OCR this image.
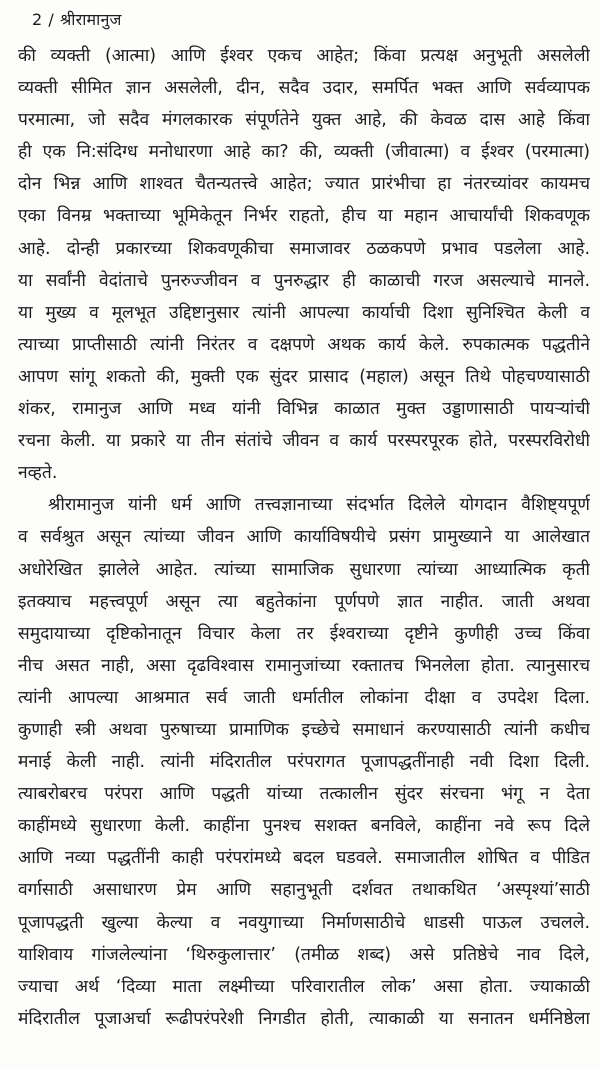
2 / श्रीरामानुज
की व्यक्ती (आत्मा) आणि ईश्वर एकच आहेत; किंवा प्रत्यक्ष अनुभूती असलेली
व्यक्ती सीमित ज्ञान असलेली, दीन, सदैव उदार, समर्पित भक्त आणि सर्वव्यापक
परमात्मा, जो सदैव मंगलकारक संपूर्णतेने युक्त आहे, की केवळ दास आहे किंवा
ही एक नि:संदिग्ध मनोधारणा आहे का? की, व्यक्ती (जीवात्मा) व ईश्वर (परमात्मा)
दोन भिन्न आणि शाश्वत चैतन्यतत्त्वे आहेत; ज्यात प्रारंभीचा हा नंतरच्यांवर कायमच
एका विनम्र भक्ताच्या भूमिकेतून निर्भर राहतो, हीच या महान आचार्यांची शिकवणूक
आहे. दोन्ही प्रकारच्या शिकवणूकीचा समाजावर ठळकपणे प्रभाव पडलेला आहे.
या सर्वांनी वेदांताचे पुनरुज्जीवन व पुनरुद्धार ही काळाची गरज असल्याचे मानले.
या मुख्य व मूलभूत उद्दिष्टानुसार त्यांनी आपल्या कार्याची दिशा सुनिश्चित केली व
त्याच्या प्राप्तीसाठी त्यांनी निरंतर व दक्षपणे अथक कार्य केले. रुपकात्मक पद्धतीने
आपण सांगू शकतो की, मुक्ती एक सुंदर प्रासाद (महाल) असून तिथे पोहचण्यासाठी
शंकर, रामानुज आणि मध्व यांनी विभिन्न काळात मुक्त उड्डाणासाठी पायऱ्यांची
रचना केली. या प्रकारे या तीन संतांचे जीवन व कार्य परस्परपूरक होते, परस्परविरोधी
नव्हते.
श्रीरामानुज यांनी धर्म आणि तत्त्वज्ञानाच्या संदर्भात दिलेले योगदान वैशिष्ट्यपूर्ण
व सर्वश्रुत असून त्यांच्या जीवन आणि कार्याविषयीचे प्रसंग प्रामुख्याने या आलेखात
अधोरेखित झालेले आहेत. त्यांच्या सामाजिक सुधारणा त्यांच्या आध्यात्मिक कृती
इतक्याच महत्त्वपूर्ण असून त्या बहुतेकांना पूर्णपणे ज्ञात नाहीत. जाती अथवा
समुदायाच्या दृष्टिकोनातून विचार केला तर ईश्वराच्या दृष्टीने कुणीही उच्च किंवा
नीच असत नाही, असा दृढविश्वास रामानुजांच्या रक्तातच भिनलेला होता. त्यानुसारच
त्यांनी आपल्या आश्रमात सर्व जाती धर्मातील लोकांना दीक्षा व उपदेश दिला.
कुणाही स्त्री अथवा पुरुषाच्या प्रामाणिक इच्छेचे समाधानं करण्यासाठी त्यांनी कधीच
मनाई केली नाही. त्यांनी मंदिरातील परंपरागत पूजापद्धतींनाही नवी दिशा दिली.
त्याबरोबरच परंपरा आणि पद्धती यांच्या तत्कालीन सुंदर संरचना भंगू न देता
काहींमध्ये सुधारणा केली. काहींना पुनश्च सशक्त बनविले, काहींना नवे रूप दिले
आणि नव्या पद्धतींनी काही परंपरांमध्ये बदल घडवले. समाजातील शोषित व पीडित
वर्गासाठी असाधारण प्रेम आणि सहानुभूती दर्शवत तथाकथित ‘अस्पृश्यां’साठी
पूजापद्धती खुल्या केल्या व नवयुगाच्या निर्माणसाठीचे धाडसी पाऊल उचलले.
याशिवाय गांजलेल्यांना ‘थिरुकुलात्तार’ (तमीळ शब्द) असे प्रतिष्ठेचे नाव दिले,
ज्याचा अर्थ ‘दिव्या माता लक्ष्मीच्या परिवारातील लोक’ असा होता. ज्याकाळी
मंदिरातील पूजाअर्चा रूढीपरंपरेशी निगडीत होती, त्याकाळी या सनातन धर्मनिष्ठेला
